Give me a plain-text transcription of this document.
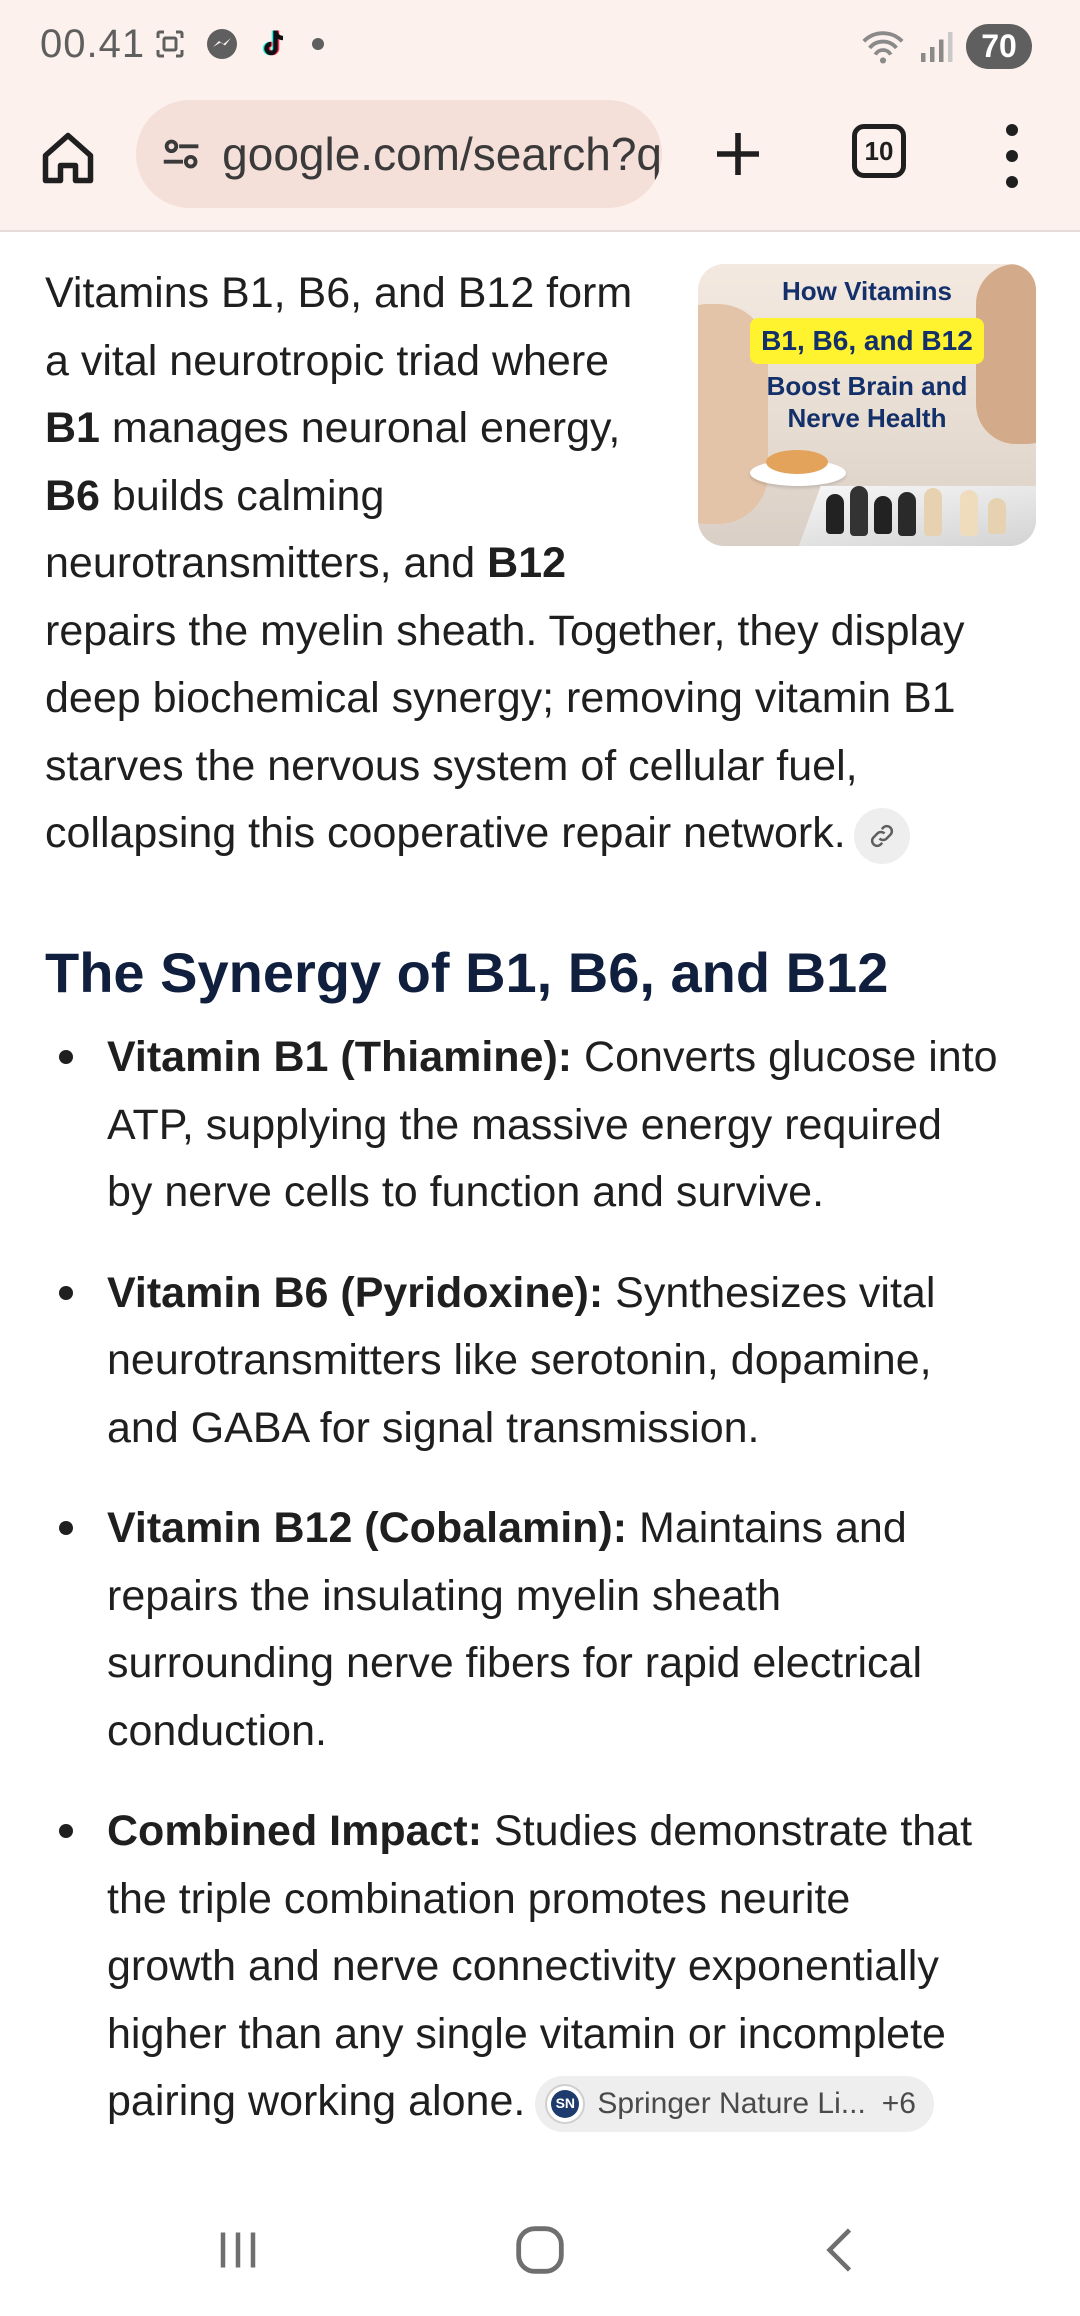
00.41	70
google.com/search?q	10
How Vitamins
B1, B6, and B12
Boost Brain and
Nerve Health
Vitamins B1, B6, and B12 form
a vital neurotropic triad where
B1 manages neuronal energy,
B6 builds calming
neurotransmitters, and B12
repairs the myelin sheath. Together, they display
deep biochemical synergy; removing vitamin B1
starves the nervous system of cellular fuel,
collapsing this cooperative repair network.
The Synergy of B1, B6, and B12
Vitamin B1 (Thiamine): Converts glucose into
ATP, supplying the massive energy required
by nerve cells to function and survive.
Vitamin B6 (Pyridoxine): Synthesizes vital
neurotransmitters like serotonin, dopamine,
and GABA for signal transmission.
Vitamin B12 (Cobalamin): Maintains and
repairs the insulating myelin sheath
surrounding nerve fibers for rapid electrical
conduction.
Combined Impact: Studies demonstrate that
the triple combination promotes neurite
growth and nerve connectivity exponentially
higher than any single vitamin or incomplete
pairing working alone.	SN Springer Nature Li... +6
